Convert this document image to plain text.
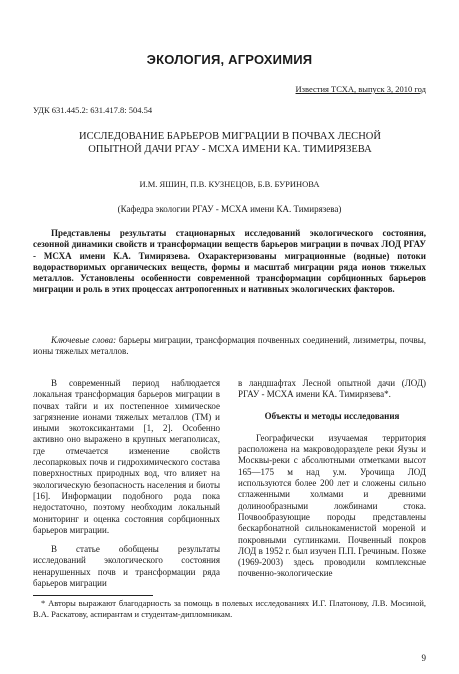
ЭКОЛОГИЯ, АГРОХИМИЯ
Известия ТСХА, выпуск 3, 2010 год
УДК 631.445.2: 631.417.8: 504.54
ИССЛЕДОВАНИЕ БАРЬЕРОВ МИГРАЦИИ В ПОЧВАХ ЛЕСНОЙ ОПЫТНОЙ ДАЧИ РГАУ - МСХА ИМЕНИ КА. ТИМИРЯЗЕВА
И.М. ЯШИН, П.В. КУЗНЕЦОВ, Б.В. БУРИНОВА
(Кафедра экологии РГАУ - МСХА имени КА. Тимирязева)
Представлены результаты стационарных исследований экологического состояния, сезонной динамики свойств и трансформации веществ барьеров миграции в почвах ЛОД РГАУ - МСХА имени К.А. Тимирязева. Охарактеризованы миграционные (водные) потоки водорастворимых органических веществ, формы и масштаб миграции ряда ионов тяжелых металлов. Установлены особенности современной трансформации сорбционных барьеров миграции и роль в этих процессах антропогенных и нативных экологических факторов.
Ключевые слова: барьеры миграции, трансформация почвенных соединений, лизиметры, почвы, ионы тяжелых металлов.

В современный период наблюдается локальная трансформация барьеров миграции в почвах тайги и их постепенное химическое загрязнение ионами тяжелых металлов (ТМ) и иными экотоксикантами [1, 2]. Особенно активно оно выражено в крупных мегаполисах, где отмечается изменение свойств лесопарковых почв и гидрохимического состава поверхностных природных вод, что влияет на экологическую безопасность населения и биоты [16]. Информации подобного рода пока недостаточно, поэтому необходим локальный мониторинг и оценка состояния сорбционных барьеров миграции.

В статье обобщены результаты исследований экологического состояния ненарушенных почв и трансформации ряда барьеров миграции

в ландшафтах Лесной опытной дачи (ЛОД) РГАУ - МСХА имени КА. Тимирязева*.

Объекты и методы исследования

Географически изучаемая территория расположена на макроводоразделе реки Яузы и Москвы-реки с абсолютными отметками высот 165—175 м над у.м. Урочища ЛОД используются более 200 лет и сложены сильно сглаженными холмами и древними долинообразными ложбинами стока. Почвообразующие породы представлены бескарбонатной сильнокаменистой мореной и покровными суглинками. Почвенный покров ЛОД в 1952 г. был изучен П.П. Гречиным. Позже (1969-2003) здесь проводили комплексные почвенно-экологические

* Авторы выражают благодарность за помощь в полевых исследованиях И.Г. Платонову, Л.В. Мосиной, В.А. Раскатову, аспирантам и студентам-дипломникам.
9
